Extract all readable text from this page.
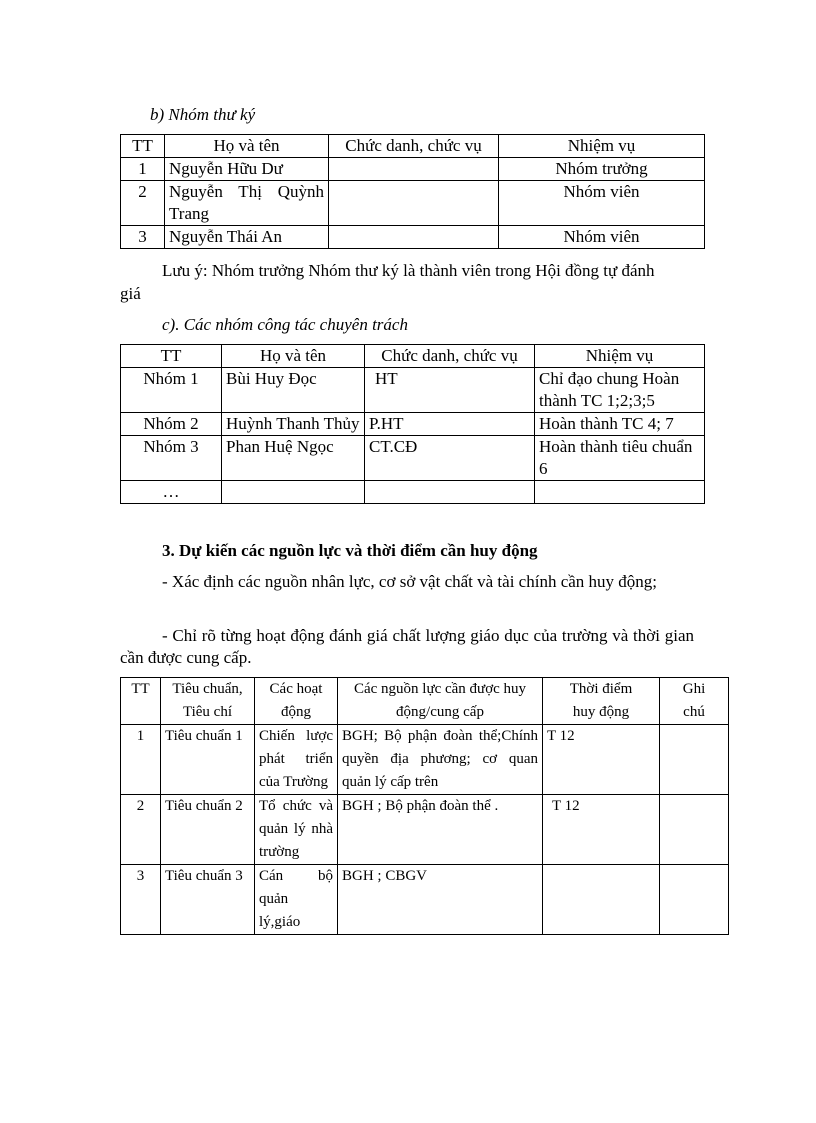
b) Nhóm thư ký
TT	Họ và tên	Chức danh, chức vụ	Nhiệm vụ
1	Nguyễn Hữu Dư		Nhóm trưởng
2	Nguyễn Thị Quỳnh Trang		Nhóm viên
3	Nguyễn Thái An		Nhóm viên
Lưu ý: Nhóm trưởng Nhóm thư ký là thành viên trong Hội đồng tự đánh
giá
c). Các nhóm công tác chuyên trách
TT	Họ và tên	Chức danh, chức vụ	Nhiệm vụ
Nhóm 1	Bùi Huy Đọc	HT	Chỉ đạo chung Hoàn thành TC 1;2;3;5
Nhóm 2	Huỳnh Thanh Thủy	P.HT	Hoàn thành TC 4; 7
Nhóm 3	Phan Huệ Ngọc	CT.CĐ	Hoàn thành tiêu chuẩn 6
…			
3. Dự kiến các nguồn lực và thời điểm cần huy động
- Xác định các nguồn nhân lực, cơ sở vật chất và tài chính cần huy động;
- Chỉ rõ từng hoạt động đánh giá chất lượng giáo dục của trường và thời gian cần được cung cấp.
TT	Tiêu chuẩn, Tiêu chí	Các hoạt động	Các nguồn lực cần được huy động/cung cấp	Thời điểm huy động	Ghi chú
1	Tiêu chuẩn 1	Chiến lược phát triển của Trường	BGH; Bộ phận đoàn thể;Chính quyền địa phương; cơ quan quản lý cấp trên	T 12	
2	Tiêu chuẩn 2	Tổ chức và quản lý nhà trường	BGH ; Bộ phận đoàn thể .	T 12	
3	Tiêu chuẩn 3	Cán bộ quản lý,giáo	BGH ; CBGV		
